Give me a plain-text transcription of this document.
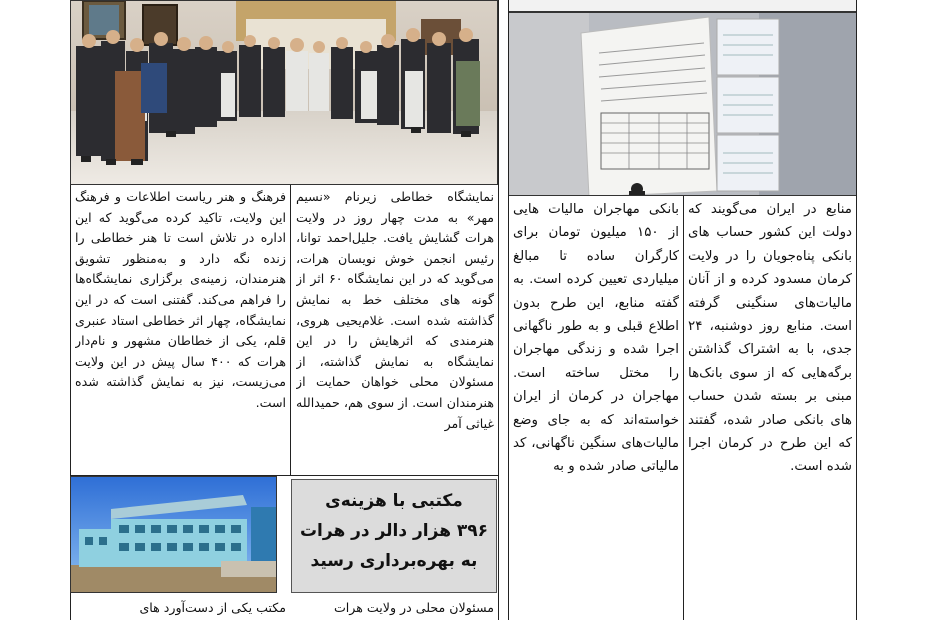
نمایشگاه خطاطی زیرنام «نسیم مهر» به مدت چهار روز در ولایت هرات گشایش یافت. جلیل‌احمد توانا، رئیس انجمن خوش نویسان هرات، می‌گوید که در این نمایشگاه ۶۰ اثر از گونه های مختلف خط به نمایش گذاشته شده است. غلام‌یحیی هروی، هنرمندی که اثرهایش را در این نمایشگاه به نمایش گذاشته، از مسئولان محلی خواهان حمایت از هنرمندان است. از سوی هم، حمیدالله غیاثی آمر

فرهنگ و هنر ریاست اطلاعات و فرهنگ این ولایت، تاکید کرده می‌گوید که این اداره در تلاش است تا هنر خطاطی را زنده نگه دارد و به‌منظور تشویق هنرمندان، زمینه‌ی برگزاری نمایشگاه‌ها را فراهم می‌کند. گفتنی است که در این نمایشگاه، چهار اثر خطاطی استاد عنبری قلم، یکی از خطاطان مشهور و نام‌دار هرات که ۴۰۰ سال پیش در این ولایت می‌زیست، نیز به نمایش گذاشته شده است.

منابع در ایران می‌گویند که دولت این کشور حساب های بانکی پناه‌جویان را در ولایت کرمان مسدود کرده و از آنان مالیات‌های سنگینی گرفته است. منابع روز دوشنبه، ۲۴ جدی، با به اشتراک گذاشتن برگه‌هایی که از سوی بانک‌ها مبنی بر بسته شدن حساب های بانکی صادر شده، گفتند که این طرح در کرمان اجرا شده است.

بانکی مهاجران مالیات هایی از ۱۵۰ میلیون تومان برای کارگران ساده تا مبالغ میلیاردی تعیین کرده است. به گفته منابع، این طرح بدون اطلاع قبلی و به طور ناگهانی اجرا شده و زندگی مهاجران را مختل ساخته است. مهاجران در کرمان از ایران خواسته‌اند که به جای وضع مالیات‌های سنگین ناگهانی، کد مالیاتی صادر شده و به

مکتبی با هزینه‌ی
۳۹۶ هزار دالر در هرات
به بهره‌برداری رسید

مسئولان محلی در ولایت هرات

مکتب یکی از دست‌آورد های
